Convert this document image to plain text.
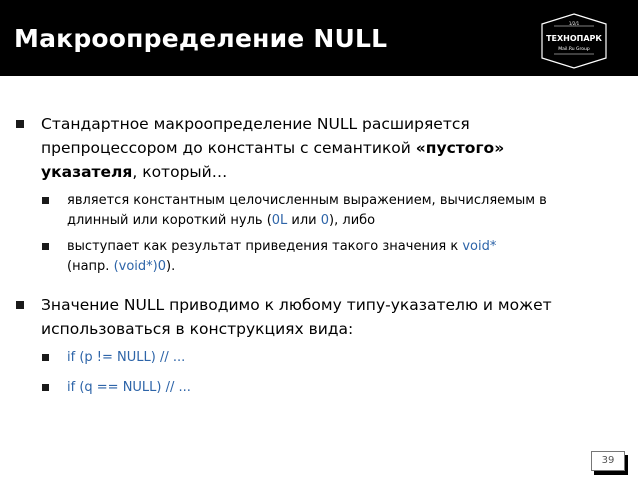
Макроопределение NULL
1/2/1
ТЕХНОПАРК
Mail.Ru Group
Стандартное макроопределение NULL расширяется
препроцессором до константы с семантикой «пустого»
указателя, который…
является константным целочисленным выражением, вычисляемым в
длинный или короткий нуль (0L или 0), либо
выступает как результат приведения такого значения к void*
(напр. (void*)0).
Значение NULL приводимо к любому типу-указателю и может
использоваться в конструкциях вида:
if (p != NULL) // ...
if (q == NULL) // ...
39
